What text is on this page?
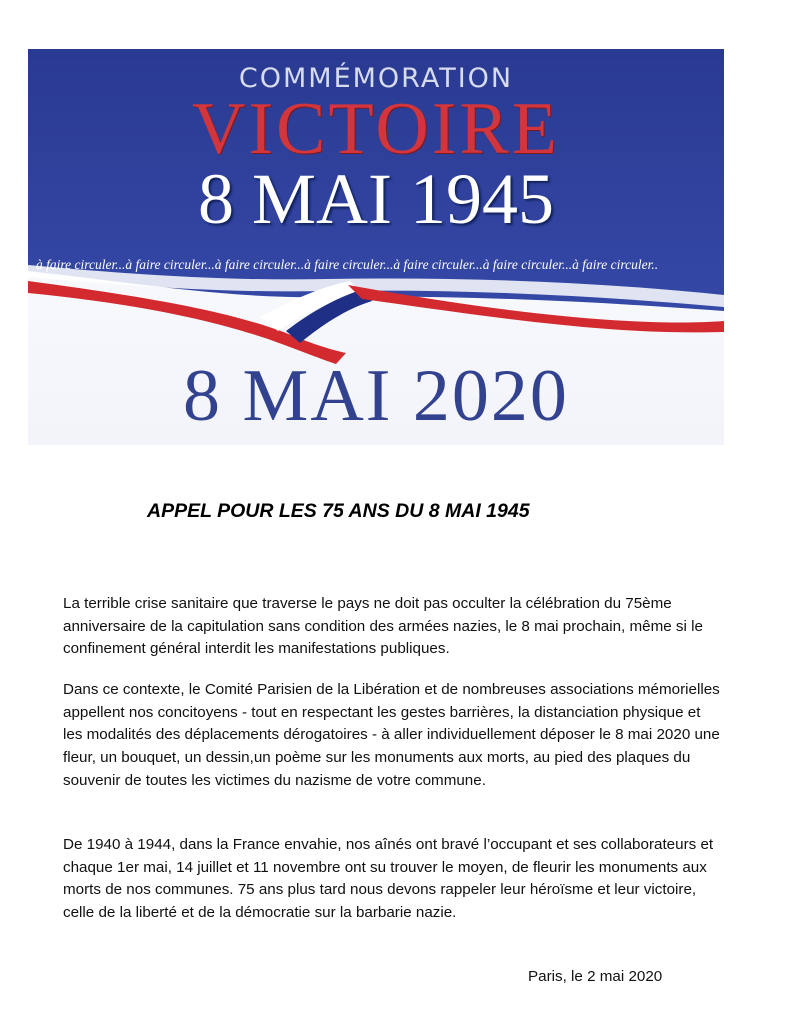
COMMÉMORATION
VICTOIRE
8 MAI 1945
à faire circuler...à faire circuler...à faire circuler...à faire circuler...à faire circuler...à faire circuler...à faire circuler..
8 MAI 2020
APPEL POUR LES 75 ANS DU 8 MAI 1945

La terrible crise sanitaire que traverse le pays ne doit pas occulter la célébration du 75ème anniversaire de la capitulation sans condition des armées nazies, le 8 mai prochain, même si le confinement général interdit les manifestations publiques.

Dans ce contexte, le Comité Parisien de la Libération et de nombreuses associations mémorielles appellent nos concitoyens - tout en respectant les gestes barrières, la distanciation physique et les modalités des déplacements dérogatoires - à aller individuellement déposer le 8 mai 2020 une fleur, un bouquet, un dessin,un poème sur les monuments aux morts, au pied des plaques du souvenir de toutes les victimes du nazisme de votre commune.

De 1940 à 1944, dans la France envahie, nos aînés ont bravé l’occupant et ses collaborateurs et chaque 1er mai, 14 juillet et 11 novembre ont su trouver le moyen, de fleurir les monuments aux morts de nos communes. 75 ans plus tard nous devons rappeler leur héroïsme et leur victoire, celle de la liberté et de la démocratie sur la barbarie nazie.

Paris, le 2 mai 2020
